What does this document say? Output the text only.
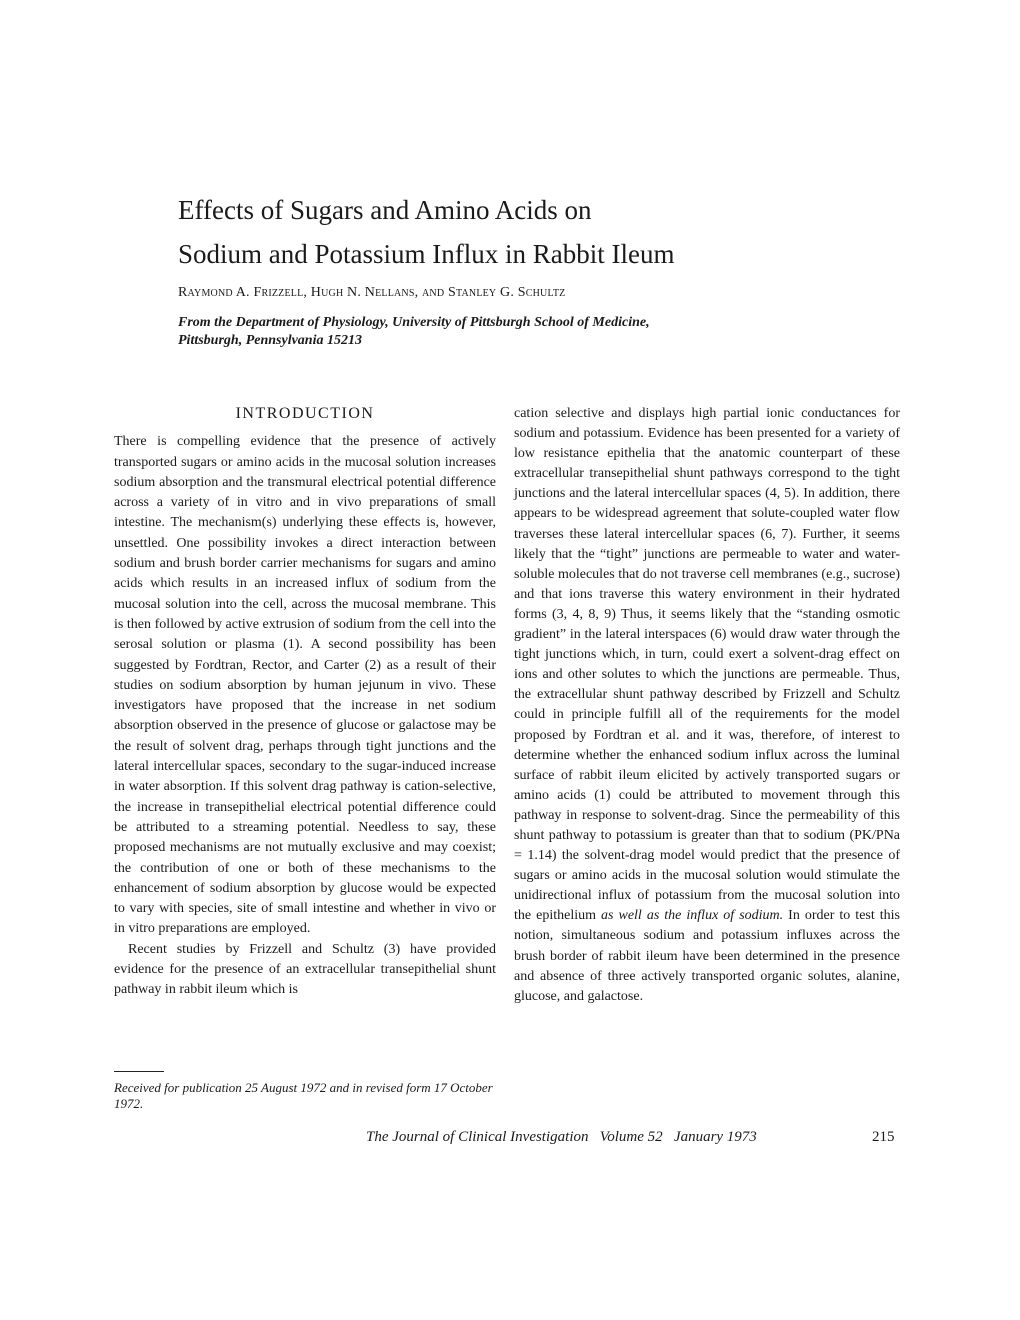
Effects of Sugars and Amino Acids on
Sodium and Potassium Influx in Rabbit Ileum
Raymond A. Frizzell, Hugh N. Nellans, and Stanley G. Schultz
From the Department of Physiology, University of Pittsburgh School of Medicine, Pittsburgh, Pennsylvania 15213
INTRODUCTION

There is compelling evidence that the presence of actively transported sugars or amino acids in the mucosal solution increases sodium absorption and the transmural electrical potential difference across a variety of in vitro and in vivo preparations of small intestine. The mechanism(s) underlying these effects is, however, unsettled. One possibility invokes a direct interaction between sodium and brush border carrier mechanisms for sugars and amino acids which results in an increased influx of sodium from the mucosal solution into the cell, across the mucosal membrane. This is then followed by active extrusion of sodium from the cell into the serosal solution or plasma (1). A second possibility has been suggested by Fordtran, Rector, and Carter (2) as a result of their studies on sodium absorption by human jejunum in vivo. These investigators have proposed that the increase in net sodium absorption observed in the presence of glucose or galactose may be the result of solvent drag, perhaps through tight junctions and the lateral intercellular spaces, secondary to the sugar-induced increase in water absorption. If this solvent drag pathway is cation-selective, the increase in transepithelial electrical potential difference could be attributed to a streaming potential. Needless to say, these proposed mechanisms are not mutually exclusive and may coexist; the contribution of one or both of these mechanisms to the enhancement of sodium absorption by glucose would be expected to vary with species, site of small intestine and whether in vivo or in vitro preparations are employed.

Recent studies by Frizzell and Schultz (3) have provided evidence for the presence of an extracellular transepithelial shunt pathway in rabbit ileum which is

cation selective and displays high partial ionic conductances for sodium and potassium. Evidence has been presented for a variety of low resistance epithelia that the anatomic counterpart of these extracellular transepithelial shunt pathways correspond to the tight junctions and the lateral intercellular spaces (4, 5). In addition, there appears to be widespread agreement that solute-coupled water flow traverses these lateral intercellular spaces (6, 7). Further, it seems likely that the “tight” junctions are permeable to water and water-soluble molecules that do not traverse cell membranes (e.g., sucrose) and that ions traverse this watery environment in their hydrated forms (3, 4, 8, 9) Thus, it seems likely that the “standing osmotic gradient” in the lateral interspaces (6) would draw water through the tight junctions which, in turn, could exert a solvent-drag effect on ions and other solutes to which the junctions are permeable. Thus, the extracellular shunt pathway described by Frizzell and Schultz could in principle fulfill all of the requirements for the model proposed by Fordtran et al. and it was, therefore, of interest to determine whether the enhanced sodium influx across the luminal surface of rabbit ileum elicited by actively transported sugars or amino acids (1) could be attributed to movement through this pathway in response to solvent-drag. Since the permeability of this shunt pathway to potassium is greater than that to sodium (PK/PNa = 1.14) the solvent-drag model would predict that the presence of sugars or amino acids in the mucosal solution would stimulate the unidirectional influx of potassium from the mucosal solution into the epithelium as well as the influx of sodium. In order to test this notion, simultaneous sodium and potassium influxes across the brush border of rabbit ileum have been determined in the presence and absence of three actively transported organic solutes, alanine, glucose, and galactose.

Received for publication 25 August 1972 and in revised form 17 October 1972.
The Journal of Clinical Investigation Volume 52 January 1973	215
